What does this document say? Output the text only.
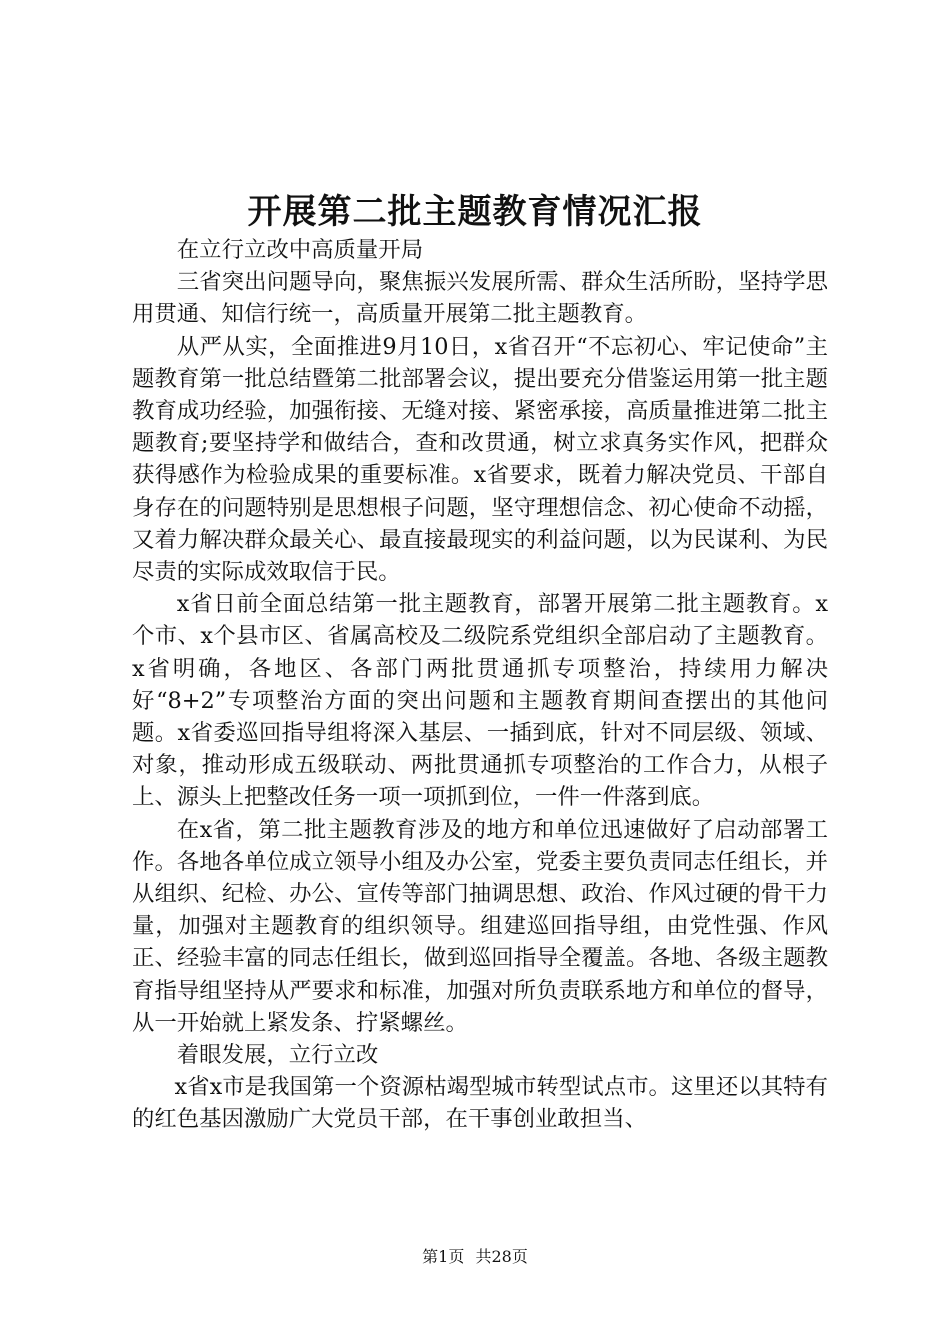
开展第二批主题教育情况汇报

在立行立改中高质量开局

三省突出问题导向，聚焦振兴发展所需、群众生活所盼，坚持学思用贯通、知信行统一，高质量开展第二批主题教育。

从严从实，全面推进9月10日，x省召开“不忘初心、牢记使命”主题教育第一批总结暨第二批部署会议，提出要充分借鉴运用第一批主题教育成功经验，加强衔接、无缝对接、紧密承接，高质量推进第二批主题教育;要坚持学和做结合，查和改贯通，树立求真务实作风，把群众获得感作为检验成果的重要标准。x省要求，既着力解决党员、干部自身存在的问题特别是思想根子问题，坚守理想信念、初心使命不动摇，又着力解决群众最关心、最直接最现实的利益问题，以为民谋利、为民尽责的实际成效取信于民。

x省日前全面总结第一批主题教育，部署开展第二批主题教育。x个市、x个县市区、省属高校及二级院系党组织全部启动了主题教育。x省明确，各地区、各部门两批贯通抓专项整治，持续用力解决好“8+2”专项整治方面的突出问题和主题教育期间查摆出的其他问题。x省委巡回指导组将深入基层、一插到底，针对不同层级、领域、对象，推动形成五级联动、两批贯通抓专项整治的工作合力，从根子上、源头上把整改任务一项一项抓到位，一件一件落到底。

在x省，第二批主题教育涉及的地方和单位迅速做好了启动部署工作。各地各单位成立领导小组及办公室，党委主要负责同志任组长，并从组织、纪检、办公、宣传等部门抽调思想、政治、作风过硬的骨干力量，加强对主题教育的组织领导。组建巡回指导组，由党性强、作风正、经验丰富的同志任组长，做到巡回指导全覆盖。各地、各级主题教育指导组坚持从严要求和标准，加强对所负责联系地方和单位的督导，从一开始就上紧发条、拧紧螺丝。

着眼发展，立行立改

x省x市是我国第一个资源枯竭型城市转型试点市。这里还以其特有的红色基因激励广大党员干部，在干事创业敢担当、

第1页 共28页
